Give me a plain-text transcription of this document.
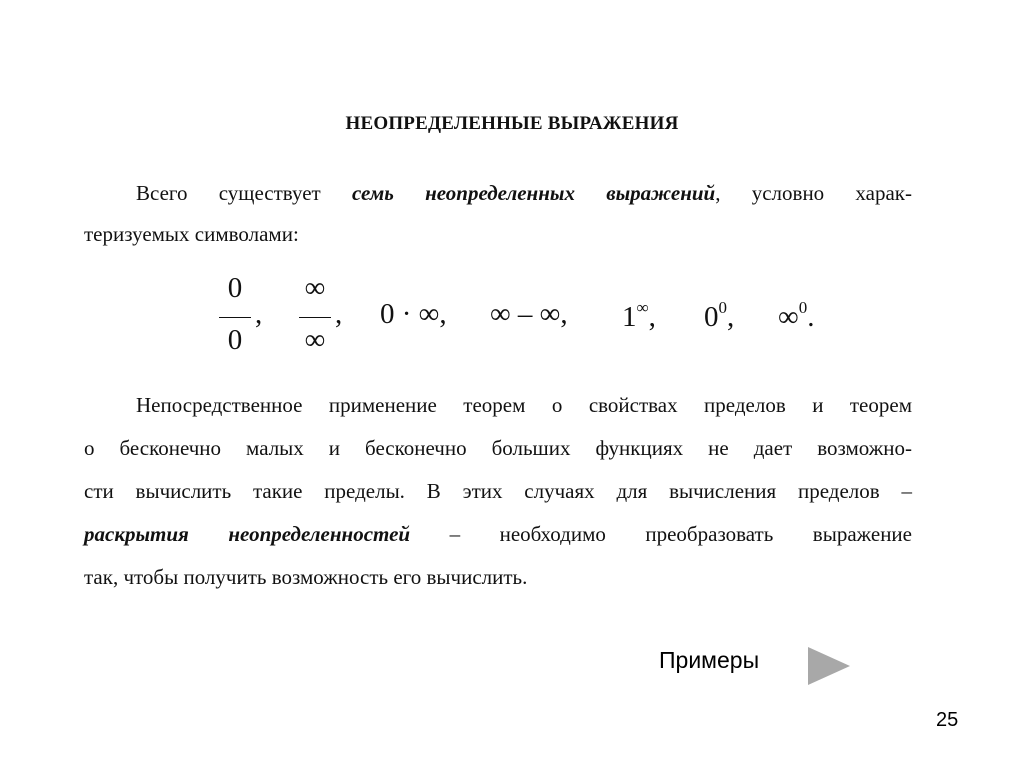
НЕОПРЕДЕЛЕННЫЕ ВЫРАЖЕНИЯ
Всего существует семь неопределенных выражений, условно харак-
теризуемых символами:
0
0
,
∞
∞
, 0 · ∞, ∞ – ∞, 1∞, $0^0$, ∞$^0$.
Непосредственное применение теорем о свойствах пределов и теорем
о бесконечно малых и бесконечно больших функциях не дает возможно-
сти вычислить такие пределы. В этих случаях для вычисления пределов –
раскрытия неопределенностей – необходимо преобразовать выражение
так, чтобы получить возможность его вычислить.
Примеры
25
